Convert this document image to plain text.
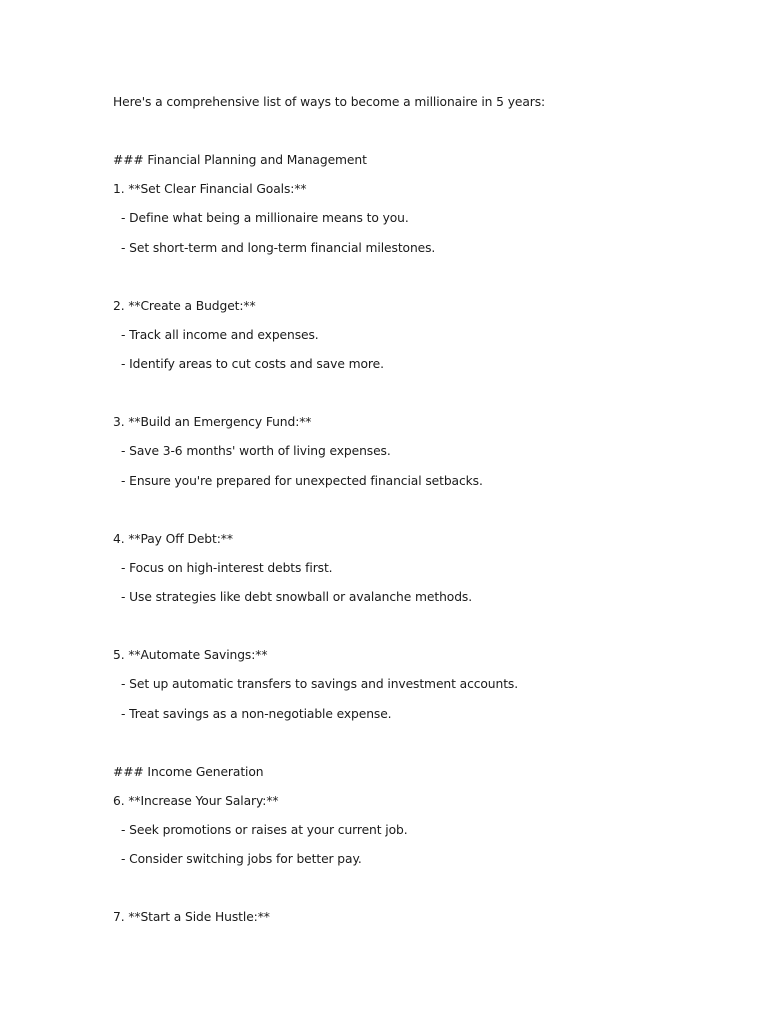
Here's a comprehensive list of ways to become a millionaire in 5 years:
### Financial Planning and Management
1. **Set Clear Financial Goals:**
- Define what being a millionaire means to you.
- Set short-term and long-term financial milestones.
2. **Create a Budget:**
- Track all income and expenses.
- Identify areas to cut costs and save more.
3. **Build an Emergency Fund:**
- Save 3-6 months' worth of living expenses.
- Ensure you're prepared for unexpected financial setbacks.
4. **Pay Off Debt:**
- Focus on high-interest debts first.
- Use strategies like debt snowball or avalanche methods.
5. **Automate Savings:**
- Set up automatic transfers to savings and investment accounts.
- Treat savings as a non-negotiable expense.
### Income Generation
6. **Increase Your Salary:**
- Seek promotions or raises at your current job.
- Consider switching jobs for better pay.
7. **Start a Side Hustle:**
